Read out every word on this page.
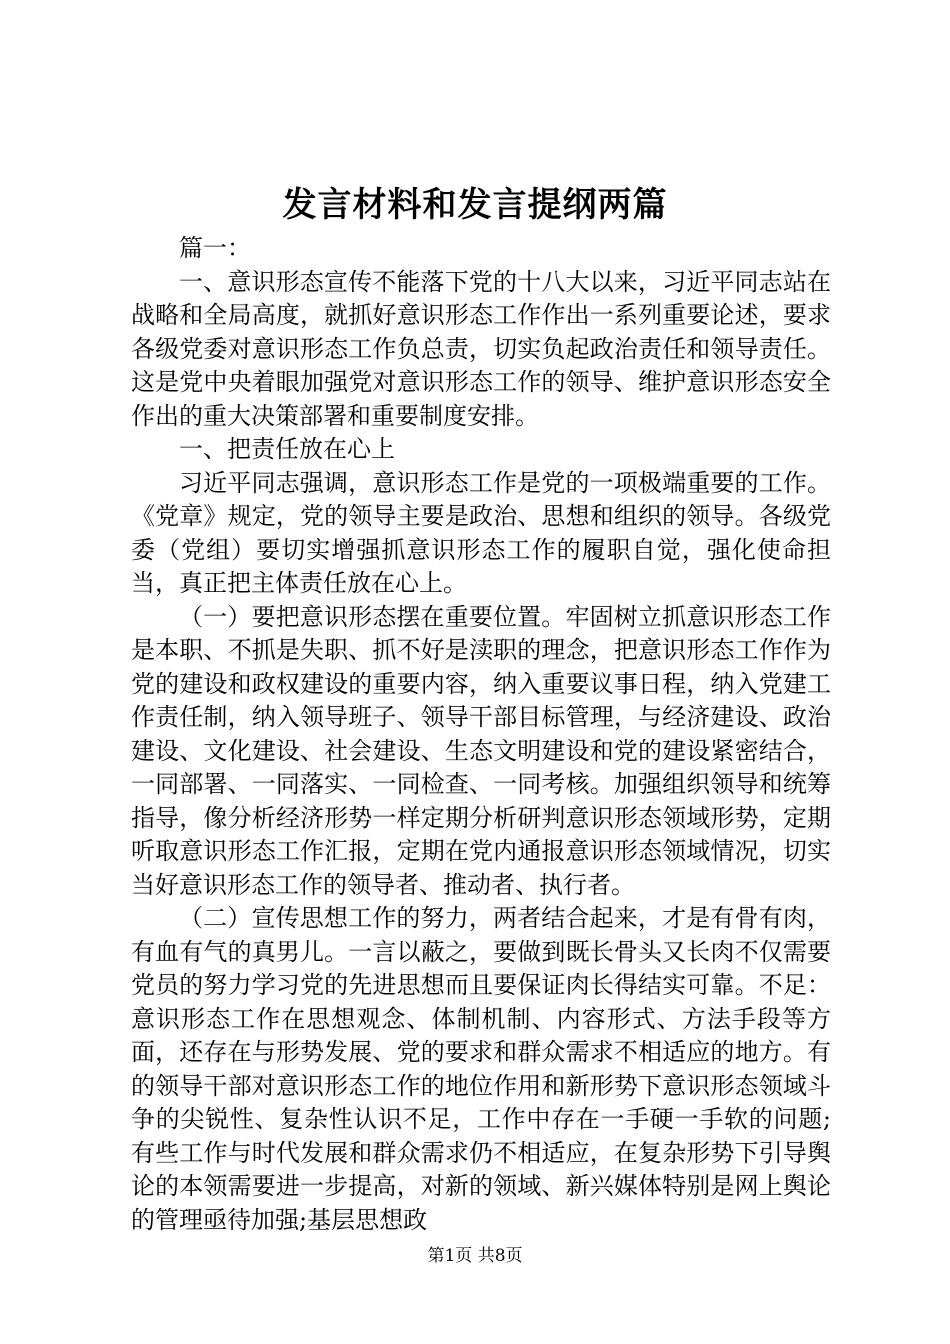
发言材料和发言提纲两篇

篇一：

一、意识形态宣传不能落下党的十八大以来，习近平同志站在战略和全局高度，就抓好意识形态工作作出一系列重要论述，要求各级党委对意识形态工作负总责，切实负起政治责任和领导责任。这是党中央着眼加强党对意识形态工作的领导、维护意识形态安全作出的重大决策部署和重要制度安排。

一、把责任放在心上

习近平同志强调，意识形态工作是党的一项极端重要的工作。《党章》规定，党的领导主要是政治、思想和组织的领导。各级党委（党组）要切实增强抓意识形态工作的履职自觉，强化使命担当，真正把主体责任放在心上。

（一）要把意识形态摆在重要位置。牢固树立抓意识形态工作是本职、不抓是失职、抓不好是渎职的理念，把意识形态工作作为党的建设和政权建设的重要内容，纳入重要议事日程，纳入党建工作责任制，纳入领导班子、领导干部目标管理，与经济建设、政治建设、文化建设、社会建设、生态文明建设和党的建设紧密结合，一同部署、一同落实、一同检查、一同考核。加强组织领导和统筹指导，像分析经济形势一样定期分析研判意识形态领域形势，定期听取意识形态工作汇报，定期在党内通报意识形态领域情况，切实当好意识形态工作的领导者、推动者、执行者。

（二）宣传思想工作的努力，两者结合起来，才是有骨有肉，有血有气的真男儿。一言以蔽之，要做到既长骨头又长肉不仅需要党员的努力学习党的先进思想而且要保证肉长得结实可靠。不足：意识形态工作在思想观念、体制机制、内容形式、方法手段等方面，还存在与形势发展、党的要求和群众需求不相适应的地方。有的领导干部对意识形态工作的地位作用和新形势下意识形态领域斗争的尖锐性、复杂性认识不足，工作中存在一手硬一手软的问题;有些工作与时代发展和群众需求仍不相适应，在复杂形势下引导舆论的本领需要进一步提高，对新的领域、新兴媒体特别是网上舆论的管理亟待加强;基层思想政

第1页 共8页
